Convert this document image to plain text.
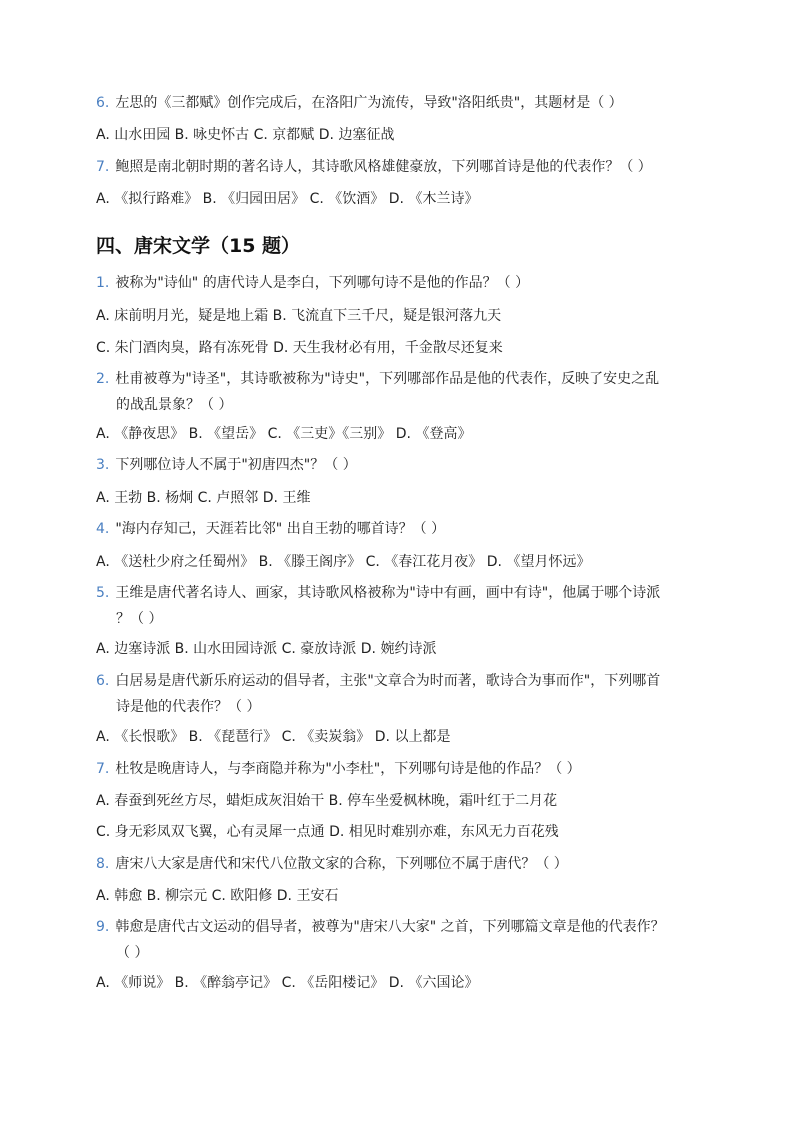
6. 左思的《三都赋》创作完成后，在洛阳广为流传，导致"洛阳纸贵"，其题材是（ ）
A. 山水田园 B. 咏史怀古 C. 京都赋 D. 边塞征战
7. 鲍照是南北朝时期的著名诗人，其诗歌风格雄健豪放，下列哪首诗是他的代表作？（ ）
A. 《拟行路难》 B. 《归园田居》 C. 《饮酒》 D. 《木兰诗》
四、唐宋文学（15 题）
1. 被称为"诗仙" 的唐代诗人是李白，下列哪句诗不是他的作品？（ ）
A. 床前明月光，疑是地上霜 B. 飞流直下三千尺，疑是银河落九天
C. 朱门酒肉臭，路有冻死骨 D. 天生我材必有用，千金散尽还复来
2. 杜甫被尊为"诗圣"，其诗歌被称为"诗史"，下列哪部作品是他的代表作，反映了安史之乱
的战乱景象？（ ）
A. 《静夜思》 B. 《望岳》 C. 《三吏》《三别》 D. 《登高》
3. 下列哪位诗人不属于"初唐四杰"？（ ）
A. 王勃 B. 杨炯 C. 卢照邻 D. 王维
4. "海内存知己，天涯若比邻" 出自王勃的哪首诗？（ ）
A. 《送杜少府之任蜀州》 B. 《滕王阁序》 C. 《春江花月夜》 D. 《望月怀远》
5. 王维是唐代著名诗人、画家，其诗歌风格被称为"诗中有画，画中有诗"，他属于哪个诗派
？（ ）
A. 边塞诗派 B. 山水田园诗派 C. 豪放诗派 D. 婉约诗派
6. 白居易是唐代新乐府运动的倡导者，主张"文章合为时而著，歌诗合为事而作"，下列哪首
诗是他的代表作？（ ）
A. 《长恨歌》 B. 《琵琶行》 C. 《卖炭翁》 D. 以上都是
7. 杜牧是晚唐诗人，与李商隐并称为"小李杜"，下列哪句诗是他的作品？（ ）
A. 春蚕到死丝方尽，蜡炬成灰泪始干 B. 停车坐爱枫林晚，霜叶红于二月花
C. 身无彩凤双飞翼，心有灵犀一点通 D. 相见时难别亦难，东风无力百花残
8. 唐宋八大家是唐代和宋代八位散文家的合称，下列哪位不属于唐代？（ ）
A. 韩愈 B. 柳宗元 C. 欧阳修 D. 王安石
9. 韩愈是唐代古文运动的倡导者，被尊为"唐宋八大家" 之首，下列哪篇文章是他的代表作？
（ ）
A. 《师说》 B. 《醉翁亭记》 C. 《岳阳楼记》 D. 《六国论》
